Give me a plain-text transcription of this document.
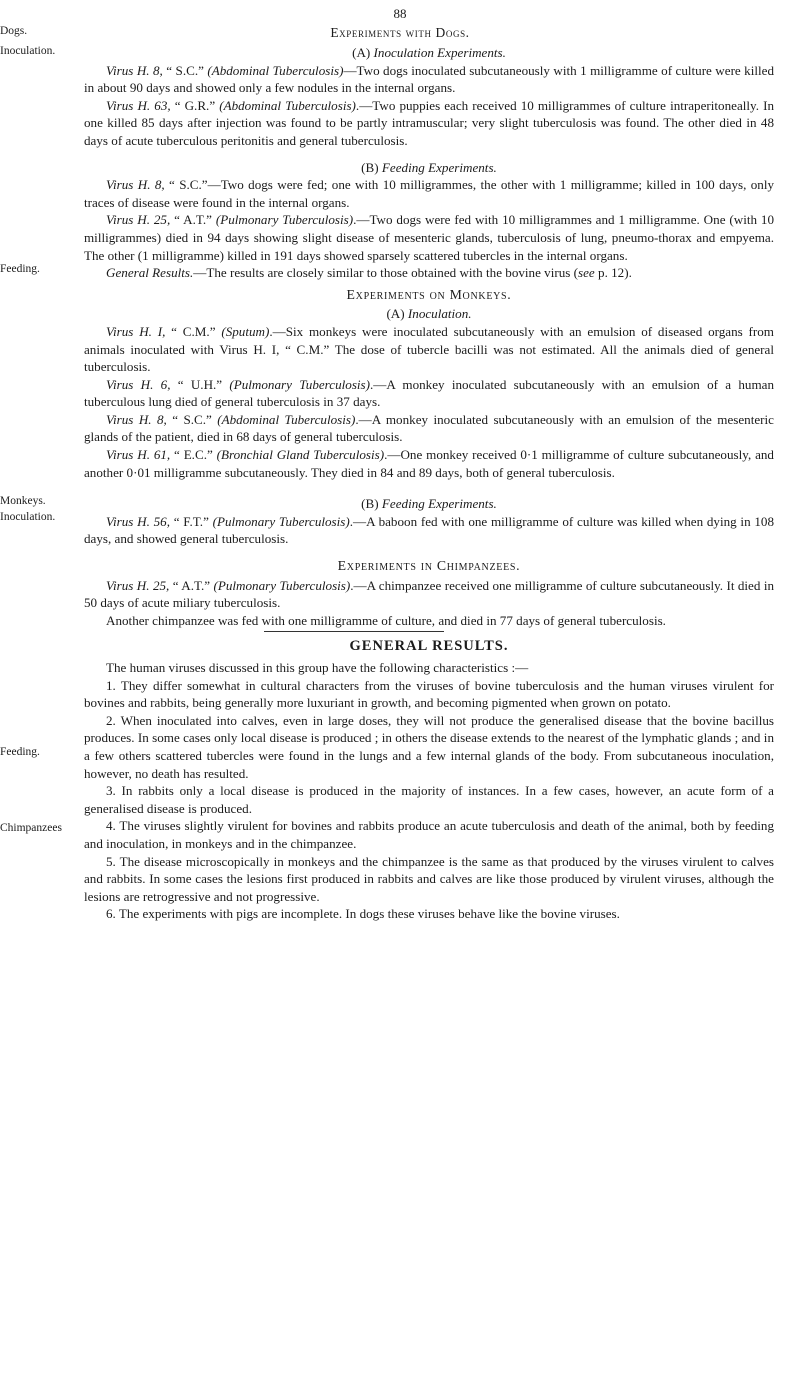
88
Dogs.
Inoculation.
Feeding.
Monkeys.
Inoculation.
Feeding.
Chimpanzees
Experiments with Dogs.
(A) Inoculation Experiments.

Virus H. 8, “ S.C.” (Abdominal Tuberculosis)—Two dogs inoculated subcutaneously with 1 milligramme of culture were killed in about 90 days and showed only a few nodules in the internal organs.

Virus H. 63, “ G.R.” (Abdominal Tuberculosis).—Two puppies each received 10 milligrammes of culture intraperitoneally. In one killed 85 days after injection was found to be partly intramuscular; very slight tuberculosis was found. The other died in 48 days of acute tuberculous peritonitis and general tuberculosis.

(B) Feeding Experiments.

Virus H. 8, “ S.C.”—Two dogs were fed; one with 10 milligrammes, the other with 1 milligramme; killed in 100 days, only traces of disease were found in the internal organs.

Virus H. 25, “ A.T.” (Pulmonary Tuberculosis).—Two dogs were fed with 10 milligrammes and 1 milligramme. One (with 10 milligrammes) died in 94 days showing slight disease of mesenteric glands, tuberculosis of lung, pneumo-thorax and empyema. The other (1 milligramme) killed in 191 days showed sparsely scattered tubercles in the internal organs.

General Results.—The results are closely similar to those obtained with the bovine virus (see p. 12).

Experiments on Monkeys.
(A) Inoculation.

Virus H. I, “ C.M.” (Sputum).—Six monkeys were inoculated subcutaneously with an emulsion of diseased organs from animals inoculated with Virus H. I, “ C.M.” The dose of tubercle bacilli was not estimated. All the animals died of general tuberculosis.

Virus H. 6, “ U.H.” (Pulmonary Tuberculosis).—A monkey inoculated subcutaneously with an emulsion of a human tuberculous lung died of general tuberculosis in 37 days.

Virus H. 8, “ S.C.” (Abdominal Tuberculosis).—A monkey inoculated subcutaneously with an emulsion of the mesenteric glands of the patient, died in 68 days of general tuberculosis.

Virus H. 61, “ E.C.” (Bronchial Gland Tuberculosis).—One monkey received 0·1 milligramme of culture subcutaneously, and another 0·01 milligramme subcutaneously. They died in 84 and 89 days, both of general tuberculosis.

(B) Feeding Experiments.

Virus H. 56, “ F.T.” (Pulmonary Tuberculosis).—A baboon fed with one milligramme of culture was killed when dying in 108 days, and showed general tuberculosis.

Experiments in Chimpanzees.

Virus H. 25, “ A.T.” (Pulmonary Tuberculosis).—A chimpanzee received one milligramme of culture subcutaneously. It died in 50 days of acute miliary tuberculosis.

Another chimpanzee was fed with one milligramme of culture, and died in 77 days of general tuberculosis.

GENERAL RESULTS.

The human viruses discussed in this group have the following characteristics :—

1. They differ somewhat in cultural characters from the viruses of bovine tuberculosis and the human viruses virulent for bovines and rabbits, being generally more luxuriant in growth, and becoming pigmented when grown on potato.
2. When inoculated into calves, even in large doses, they will not produce the generalised disease that the bovine bacillus produces. In some cases only local disease is produced ; in others the disease extends to the nearest of the lymphatic glands ; and in a few others scattered tubercles were found in the lungs and a few internal glands of the body. From subcutaneous inoculation, however, no death has resulted.
3. In rabbits only a local disease is produced in the majority of instances. In a few cases, however, an acute form of a generalised disease is produced.
4. The viruses slightly virulent for bovines and rabbits produce an acute tuberculosis and death of the animal, both by feeding and inoculation, in monkeys and in the chimpanzee.
5. The disease microscopically in monkeys and the chimpanzee is the same as that produced by the viruses virulent to calves and rabbits. In some cases the lesions first produced in rabbits and calves are like those produced by virulent viruses, although the lesions are retrogressive and not progressive.
6. The experiments with pigs are incomplete. In dogs these viruses behave like the bovine viruses.
